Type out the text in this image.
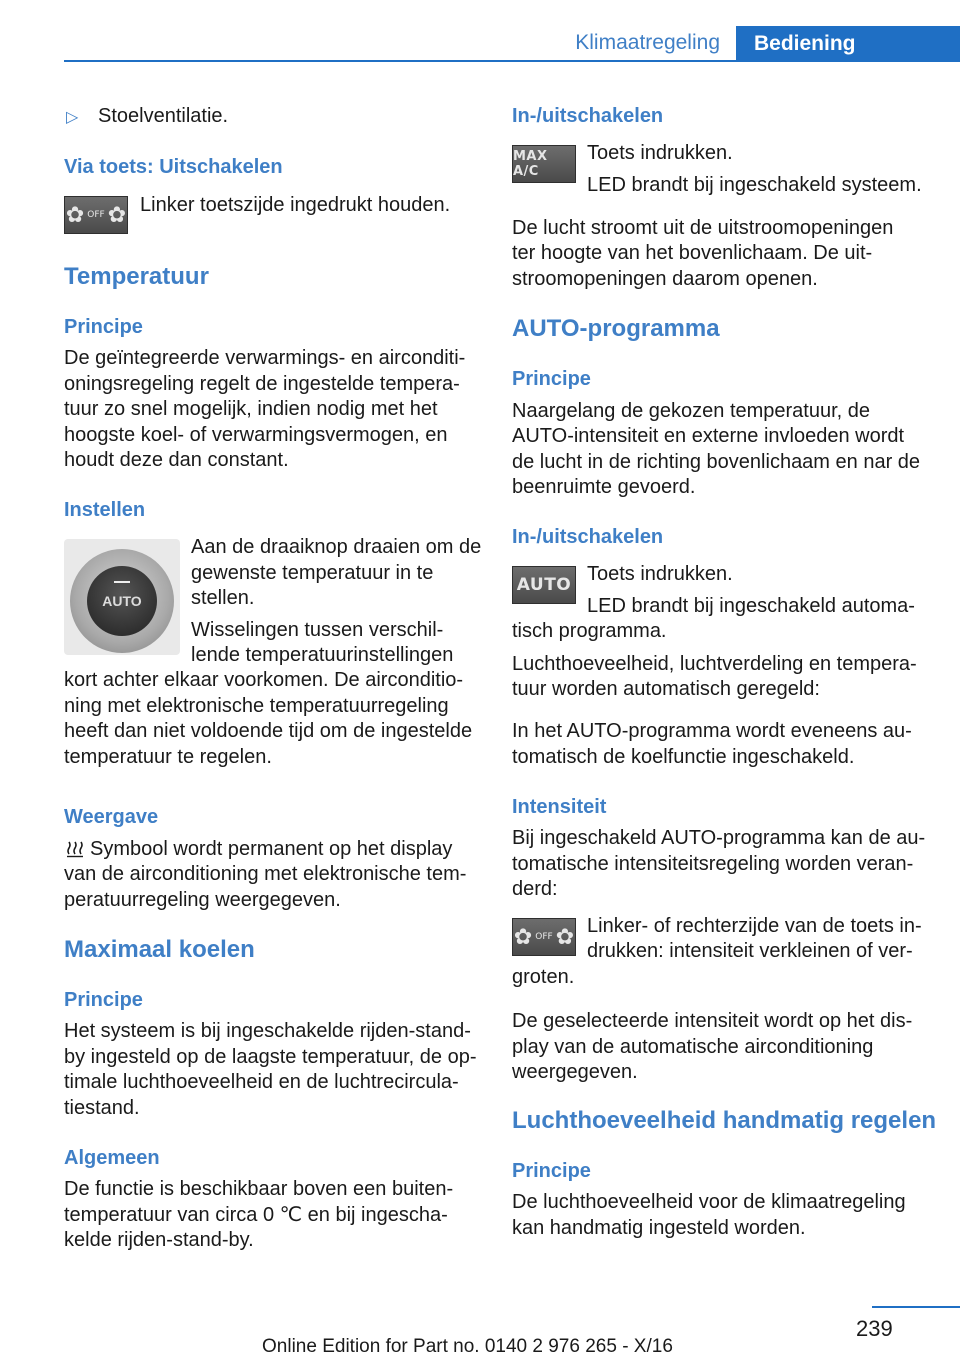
Klimaatregeling	Bediening
▷ Stoelventilatie.
Via toets: Uitschakelen
✿ OFF ✿ Linker toetszijde ingedrukt houden.
Temperatuur
Principe
De geïntegreerde verwarmings- en airconditi-
oningsregeling regelt de ingestelde tempera-
tuur zo snel mogelijk, indien nodig met het
hoogste koel- of verwarmingsvermogen, en
houdt deze dan constant.
Instellen
AUTO
Aan de draaiknop draaien om de
gewenste temperatuur in te
stellen.
Wisselingen tussen verschil-
lende temperatuurinstellingen
kort achter elkaar voorkomen. De airconditio-
ning met elektronische temperatuurregeling
heeft dan niet voldoende tijd om de ingestelde
temperatuur te regelen.
Weergave
Symbool wordt permanent op het display
van de airconditioning met elektronische tem-
peratuurregeling weergegeven.
Maximaal koelen
Principe
Het systeem is bij ingeschakelde rijden-stand-
by ingesteld op de laagste temperatuur, de op-
timale luchthoeveelheid en de luchtrecircula-
tiestand.
Algemeen
De functie is beschikbaar boven een buiten-
temperatuur van circa 0 ℃ en bij ingescha-
kelde rijden-stand-by.
In-/uitschakelen
MAX A/C
Toets indrukken.
LED brandt bij ingeschakeld systeem.
De lucht stroomt uit de uitstroomopeningen
ter hoogte van het bovenlichaam. De uit-
stroomopeningen daarom openen.
AUTO-programma
Principe
Naargelang de gekozen temperatuur, de
AUTO-intensiteit en externe invloeden wordt
de lucht in de richting bovenlichaam en nar de
beenruimte gevoerd.
In-/uitschakelen
AUTO Toets indrukken.
LED brandt bij ingeschakeld automa-
tisch programma.
Luchthoeveelheid, luchtverdeling en tempera-
tuur worden automatisch geregeld:
In het AUTO-programma wordt eveneens au-
tomatisch de koelfunctie ingeschakeld.
Intensiteit
Bij ingeschakeld AUTO-programma kan de au-
tomatische intensiteitsregeling worden veran-
derd:
✿ OFF ✿ Linker- of rechterzijde van de toets in-
drukken: intensiteit verkleinen of ver-
groten.
De geselecteerde intensiteit wordt op het dis-
play van de automatische airconditioning
weergegeven.
Luchthoeveelheid handmatig regelen
Principe
De luchthoeveelheid voor de klimaatregeling
kan handmatig ingesteld worden.
239
Online Edition for Part no. 0140 2 976 265 - X/16
